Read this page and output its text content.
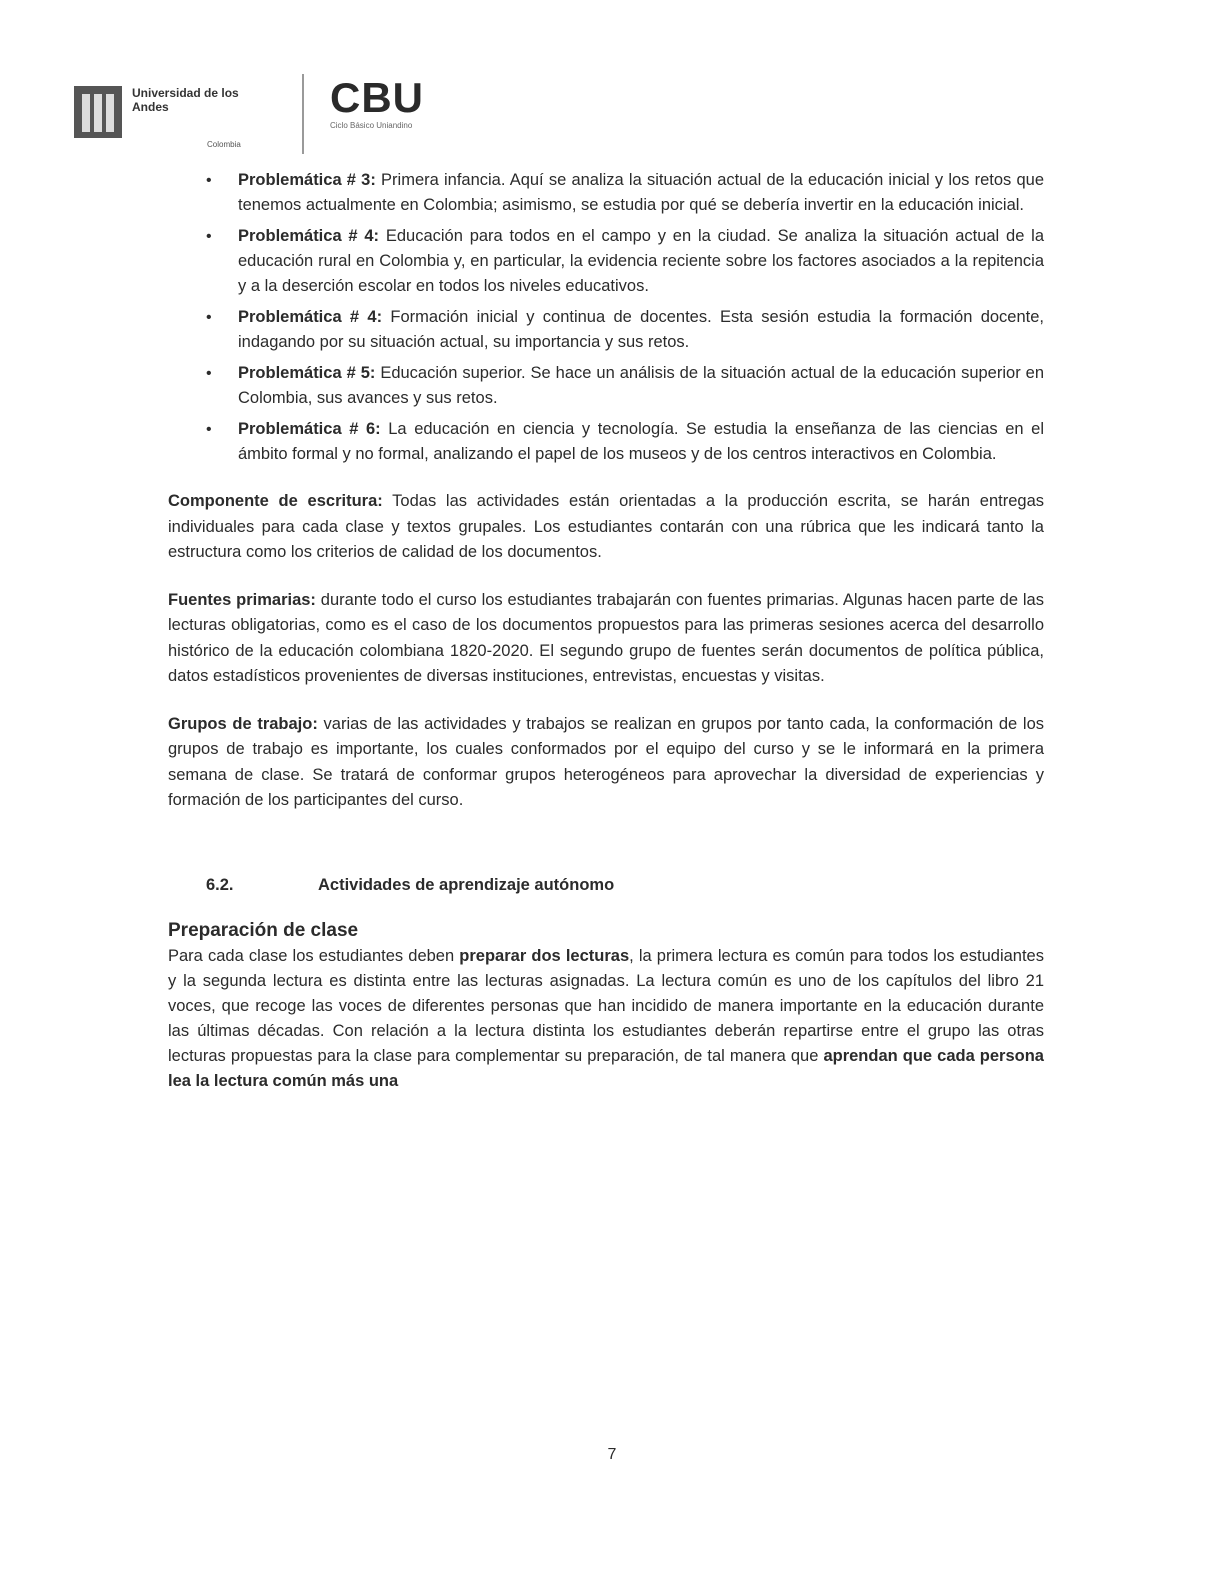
Universidad de los Andes
Colombia
CBU
Ciclo Básico Uniandino
• Problemática # 3: Primera infancia. Aquí se analiza la situación actual de la educación inicial y los retos que tenemos actualmente en Colombia; asimismo, se estudia por qué se debería invertir en la educación inicial.
• Problemática # 4: Educación para todos en el campo y en la ciudad. Se analiza la situación actual de la educación rural en Colombia y, en particular, la evidencia reciente sobre los factores asociados a la repitencia y a la deserción escolar en todos los niveles educativos.
• Problemática # 4: Formación inicial y continua de docentes. Esta sesión estudia la formación docente, indagando por su situación actual, su importancia y sus retos.
• Problemática # 5: Educación superior. Se hace un análisis de la situación actual de la educación superior en Colombia, sus avances y sus retos.
• Problemática # 6: La educación en ciencia y tecnología. Se estudia la enseñanza de las ciencias en el ámbito formal y no formal, analizando el papel de los museos y de los centros interactivos en Colombia.

Componente de escritura: Todas las actividades están orientadas a la producción escrita, se harán entregas individuales para cada clase y textos grupales. Los estudiantes contarán con una rúbrica que les indicará tanto la estructura como los criterios de calidad de los documentos.

Fuentes primarias: durante todo el curso los estudiantes trabajarán con fuentes primarias. Algunas hacen parte de las lecturas obligatorias, como es el caso de los documentos propuestos para las primeras sesiones acerca del desarrollo histórico de la educación colombiana 1820-2020. El segundo grupo de fuentes serán documentos de política pública, datos estadísticos provenientes de diversas instituciones, entrevistas, encuestas y visitas.

Grupos de trabajo: varias de las actividades y trabajos se realizan en grupos por tanto cada, la conformación de los grupos de trabajo es importante, los cuales conformados por el equipo del curso y se le informará en la primera semana de clase. Se tratará de conformar grupos heterogéneos para aprovechar la diversidad de experiencias y formación de los participantes del curso.

6.2.	Actividades de aprendizaje autónomo
Preparación de clase

Para cada clase los estudiantes deben preparar dos lecturas, la primera lectura es común para todos los estudiantes y la segunda lectura es distinta entre las lecturas asignadas. La lectura común es uno de los capítulos del libro 21 voces, que recoge las voces de diferentes personas que han incidido de manera importante en la educación durante las últimas décadas. Con relación a la lectura distinta los estudiantes deberán repartirse entre el grupo las otras lecturas propuestas para la clase para complementar su preparación, de tal manera que aprendan que cada persona lea la lectura común más una

7
